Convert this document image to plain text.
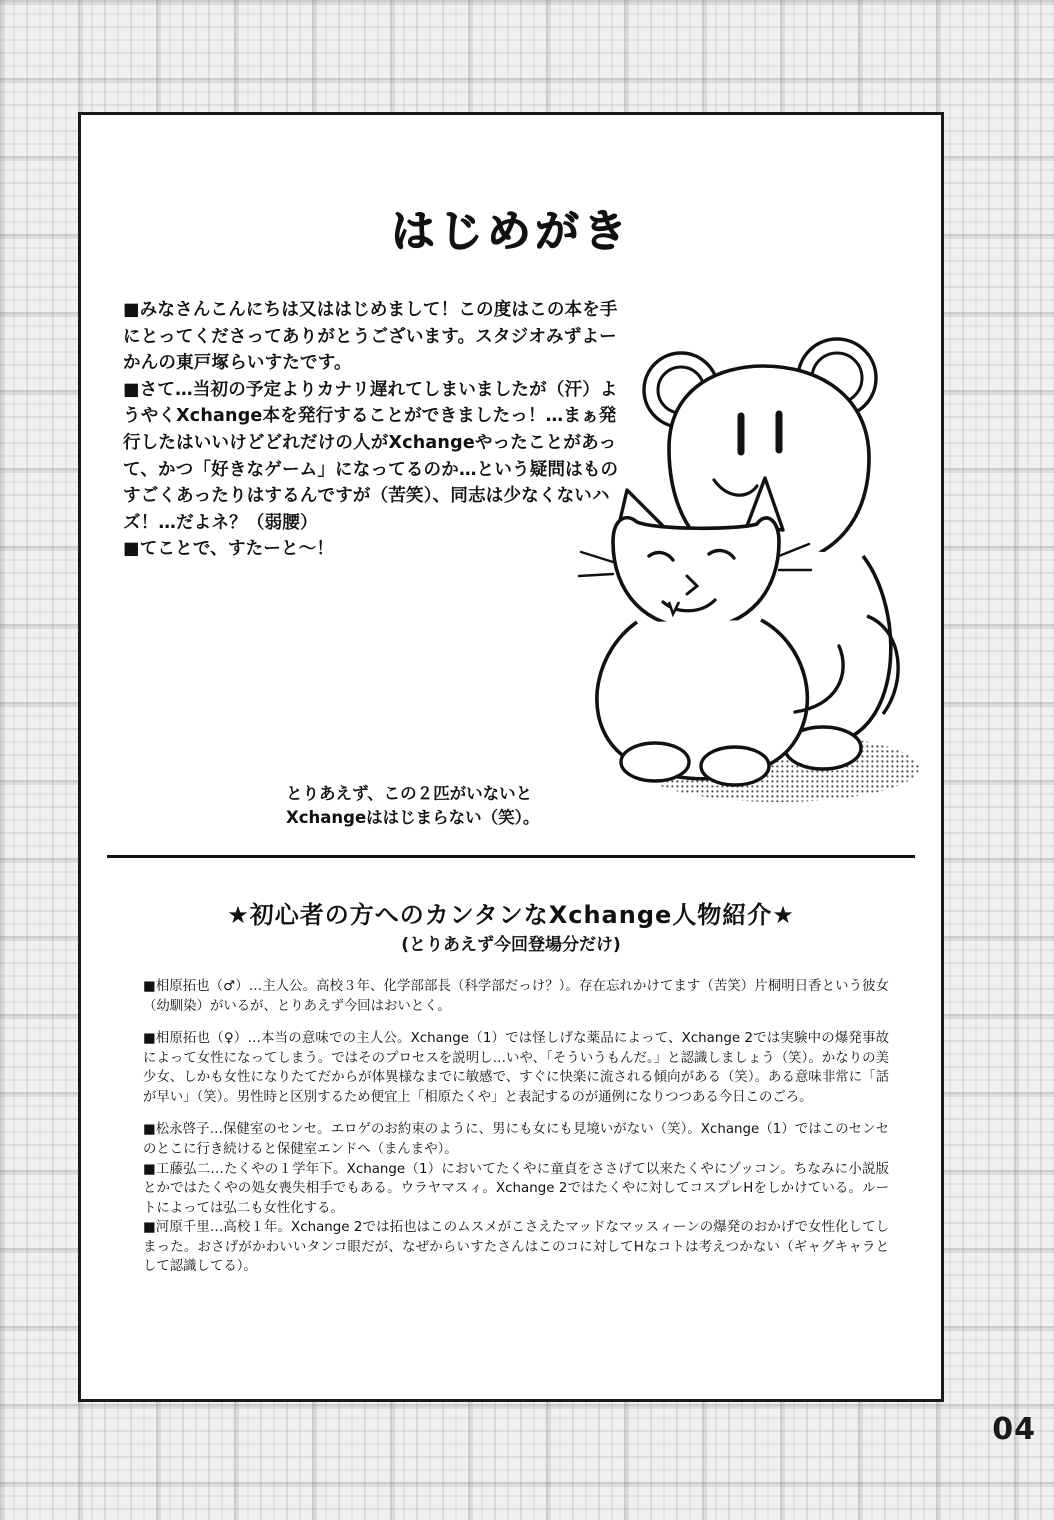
はじめがき

■みなさんこんにちは又ははじめまして！この度はこの本を手にとってくださってありがとうございます。スタジオみずよーかんの東戸塚らいすたです。

■さて…当初の予定よりカナリ遅れてしまいましたが（汗）ようやくXchange本を発行することができましたっ！…まぁ発行したはいいけどどれだけの人がXchangeやったことがあって、かつ「好きなゲーム」になってるのか…という疑問はものすごくあったりはするんですが（苦笑）、同志は少なくないハズ！…だよネ？（弱腰）

■てことで、すたーと～！

とりあえず、この２匹がいないと
Xchangeははじまらない（笑）。
★初心者の方へのカンタンなXchange人物紹介★
(とりあえず今回登場分だけ)

■相原拓也（♂）…主人公。高校３年、化学部部長（科学部だっけ？）。存在忘れかけてます（苦笑）片桐明日香という彼女（幼馴染）がいるが、とりあえず今回はおいとく。

■相原拓也（♀）…本当の意味での主人公。Xchange（1）では怪しげな薬品によって、Xchange 2では実験中の爆発事故によって女性になってしまう。ではそのプロセスを説明し…いや、「そういうもんだ。」と認識しましょう（笑）。かなりの美少女、しかも女性になりたてだからが体異様なまでに敏感で、すぐに快楽に流される傾向がある（笑）。ある意味非常に「話が早い」（笑）。男性時と区別するため便宜上「相原たくや」と表記するのが通例になりつつある今日このごろ。

■松永啓子…保健室のセンセ。エロゲのお約束のように、男にも女にも見境いがない（笑）。Xchange（1）ではこのセンセのとこに行き続けると保健室エンドへ（まんまや）。

■工藤弘二…たくやの１学年下。Xchange（1）においてたくやに童貞をささげて以来たくやにゾッコン。ちなみに小説版とかではたくやの処女喪失相手でもある。ウラヤマスィ。Xchange 2ではたくやに対してコスプレHをしかけている。ルートによっては弘二も女性化する。

■河原千里…高校１年。Xchange 2では拓也はこのムスメがこさえたマッドなマッスィーンの爆発のおかげで女性化してしまった。おさげがかわいいタンコ眼だが、なぜからいすたさんはこのコに対してHなコトは考えつかない（ギャグキャラとして認識してる）。

04
